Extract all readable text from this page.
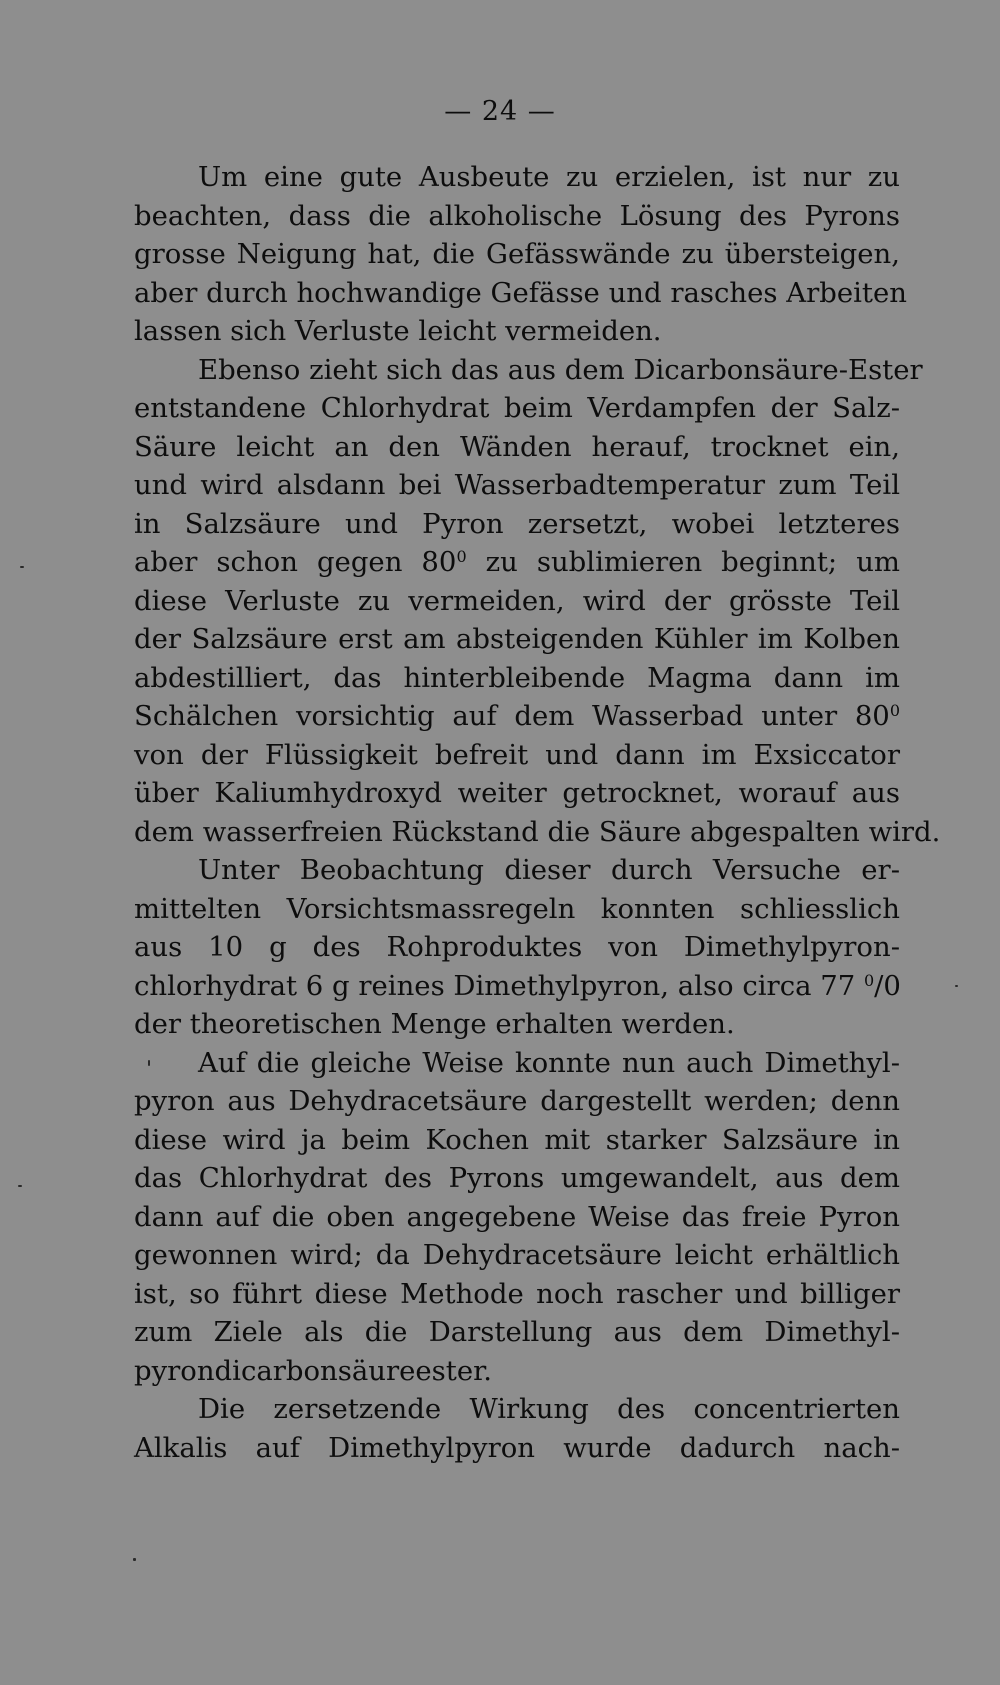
— 24 —
Um eine gute Ausbeute zu erzielen, ist nur zu
beachten, dass die alkoholische Lösung des Pyrons
grosse Neigung hat, die Gefässwände zu übersteigen,
aber durch hochwandige Gefässe und rasches Arbeiten
lassen sich Verluste leicht vermeiden.
Ebenso zieht sich das aus dem Dicarbonsäure-Ester
entstandene Chlorhydrat beim Verdampfen der Salz-
Säure leicht an den Wänden herauf, trocknet ein,
und wird alsdann bei Wasserbadtemperatur zum Teil
in Salzsäure und Pyron zersetzt, wobei letzteres
aber schon gegen $80^0$ zu sublimieren beginnt; um
diese Verluste zu vermeiden, wird der grösste Teil
der Salzsäure erst am absteigenden Kühler im Kolben
abdestilliert, das hinterbleibende Magma dann im
Schälchen vorsichtig auf dem Wasserbad unter $80^0$
von der Flüssigkeit befreit und dann im Exsiccator
über Kaliumhydroxyd weiter getrocknet, worauf aus
dem wasserfreien Rückstand die Säure abgespalten wird.
Unter Beobachtung dieser durch Versuche er-
mittelten Vorsichtsmassregeln konnten schliesslich
aus 10 g des Rohproduktes von Dimethylpyron-
chlorhydrat 6 g reines Dimethylpyron, also circa 77 $^0$/0
der theoretischen Menge erhalten werden.
Auf die gleiche Weise konnte nun auch Dimethyl-
pyron aus Dehydracetsäure dargestellt werden; denn
diese wird ja beim Kochen mit starker Salzsäure in
das Chlorhydrat des Pyrons umgewandelt, aus dem
dann auf die oben angegebene Weise das freie Pyron
gewonnen wird; da Dehydracetsäure leicht erhältlich
ist, so führt diese Methode noch rascher und billiger
zum Ziele als die Darstellung aus dem Dimethyl-
pyrondicarbonsäureester.
Die zersetzende Wirkung des concentrierten
Alkalis auf Dimethylpyron wurde dadurch nach-
